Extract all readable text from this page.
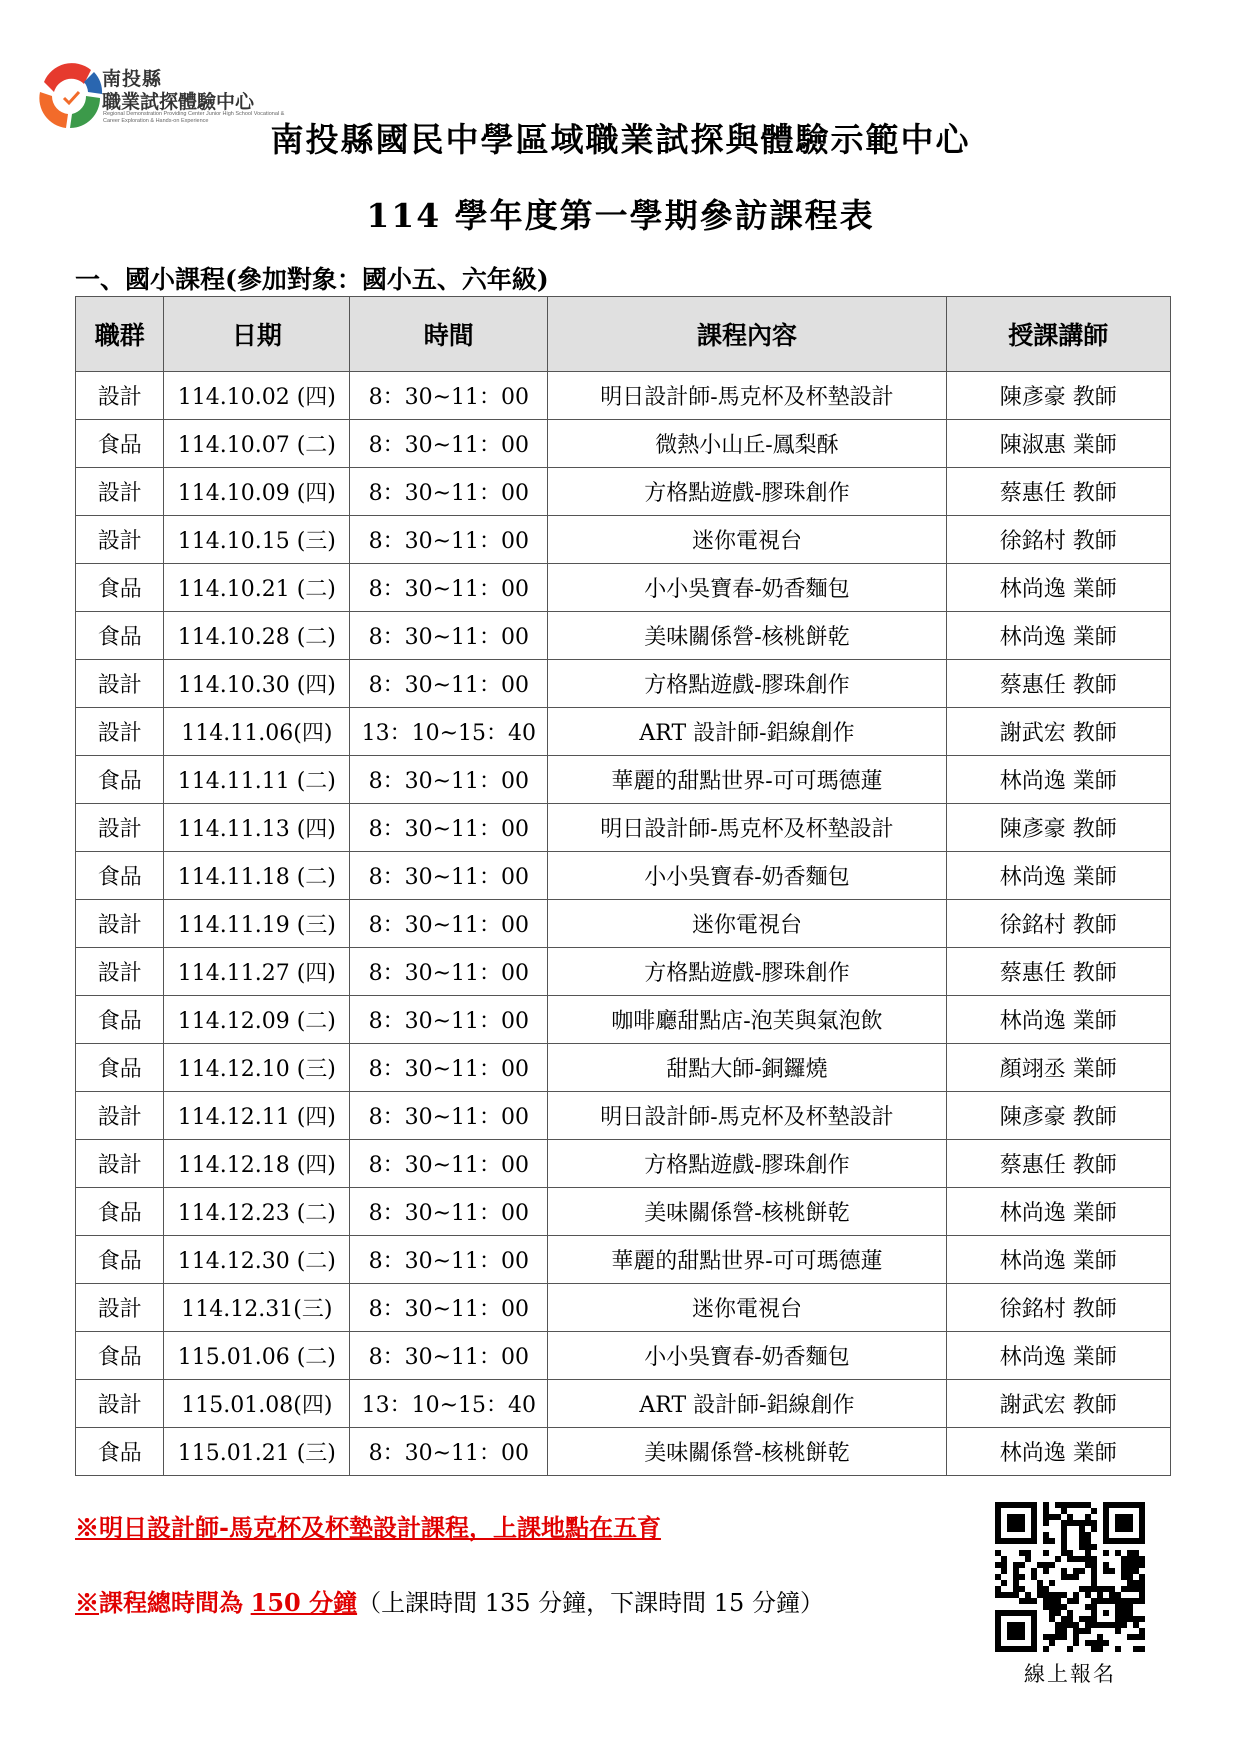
南投縣
職業試探體驗中心
Regional Demonstration Providing Center Junior High School Vocational & Career Exploration & Hands-on Experience	南投縣國民中學區域職業試探與體驗示範中心
114 學年度第一學期參訪課程表
一、國小課程(參加對象：國小五、六年級)
職群	日期	時間	課程內容	授課講師
設計	114.10.02 (四)	8：30~11：00	明日設計師-馬克杯及杯墊設計	陳彥豪 教師
食品	114.10.07 (二)	8：30~11：00	微熱小山丘-鳳梨酥	陳淑惠 業師
設計	114.10.09 (四)	8：30~11：00	方格點遊戲-膠珠創作	蔡惠任 教師
設計	114.10.15 (三)	8：30~11：00	迷你電視台	徐銘村 教師
食品	114.10.21 (二)	8：30~11：00	小小吳寶春-奶香麵包	林尚逸 業師
食品	114.10.28 (二)	8：30~11：00	美味關係營-核桃餅乾	林尚逸 業師
設計	114.10.30 (四)	8：30~11：00	方格點遊戲-膠珠創作	蔡惠任 教師
設計	114.11.06(四)	13：10~15：40	ART 設計師-鋁線創作	謝武宏 教師
食品	114.11.11 (二)	8：30~11：00	華麗的甜點世界-可可瑪德蓮	林尚逸 業師
設計	114.11.13 (四)	8：30~11：00	明日設計師-馬克杯及杯墊設計	陳彥豪 教師
食品	114.11.18 (二)	8：30~11：00	小小吳寶春-奶香麵包	林尚逸 業師
設計	114.11.19 (三)	8：30~11：00	迷你電視台	徐銘村 教師
設計	114.11.27 (四)	8：30~11：00	方格點遊戲-膠珠創作	蔡惠任 教師
食品	114.12.09 (二)	8：30~11：00	咖啡廳甜點店-泡芙與氣泡飲	林尚逸 業師
食品	114.12.10 (三)	8：30~11：00	甜點大師-銅鑼燒	顏翊丞 業師
設計	114.12.11 (四)	8：30~11：00	明日設計師-馬克杯及杯墊設計	陳彥豪 教師
設計	114.12.18 (四)	8：30~11：00	方格點遊戲-膠珠創作	蔡惠任 教師
食品	114.12.23 (二)	8：30~11：00	美味關係營-核桃餅乾	林尚逸 業師
食品	114.12.30 (二)	8：30~11：00	華麗的甜點世界-可可瑪德蓮	林尚逸 業師
設計	114.12.31(三)	8：30~11：00	迷你電視台	徐銘村 教師
食品	115.01.06 (二)	8：30~11：00	小小吳寶春-奶香麵包	林尚逸 業師
設計	115.01.08(四)	13：10~15：40	ART 設計師-鋁線創作	謝武宏 教師
食品	115.01.21 (三)	8：30~11：00	美味關係營-核桃餅乾	林尚逸 業師
※明日設計師-馬克杯及杯墊設計課程，上課地點在五育
※課程總時間為 150 分鐘（上課時間 135 分鐘，下課時間 15 分鐘）
線上報名
